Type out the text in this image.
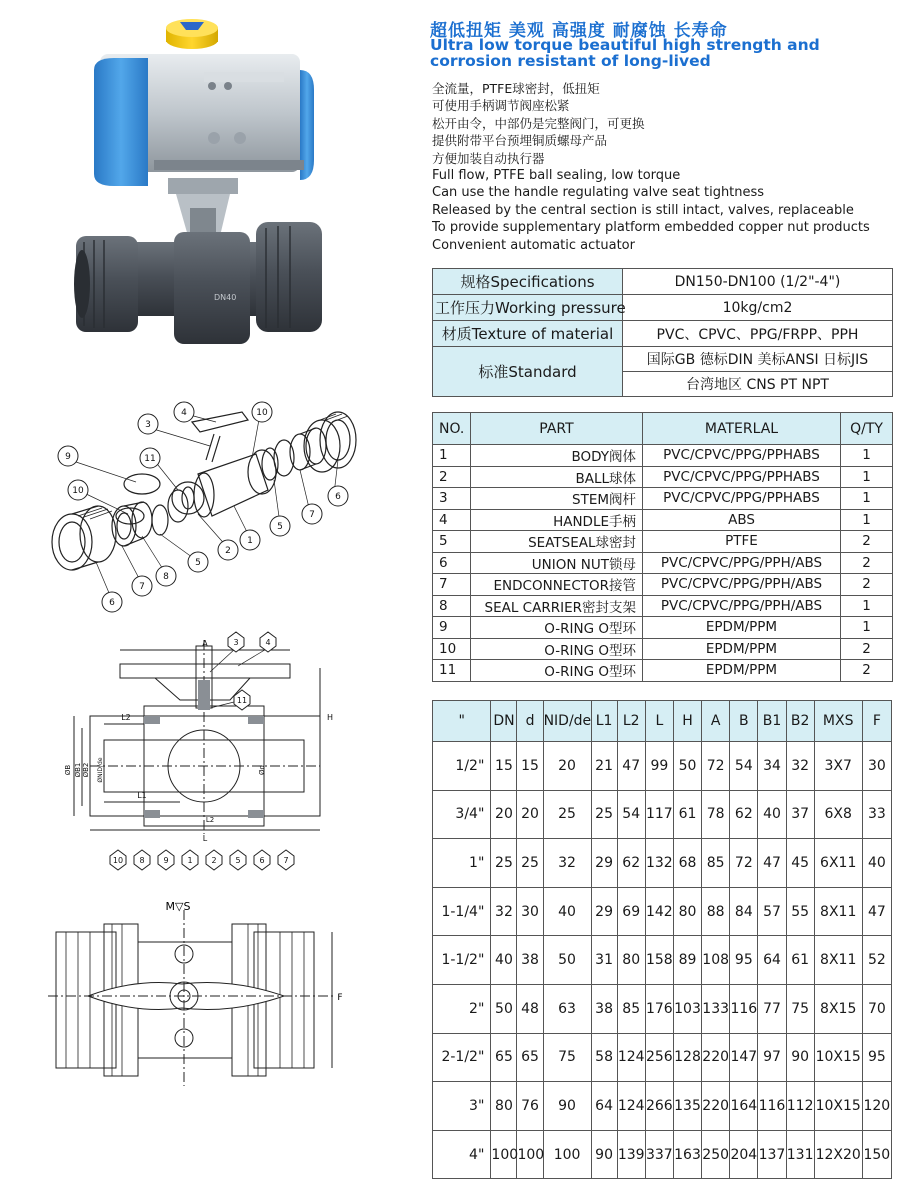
DN40
4
3
10
11
9
10
6
5
7
2
1
5
8
7
6
3	4
11
A
H
L2
L1
L
L2
ØB ØB1 ØB2	Ød
ØNID/de
10 8 9 1 2 5 6 7
M▽S
F
超低扭矩 美观 高强度 耐腐蚀 长寿命
Ultra low torque beautiful high strength and corrosion resistant of long-lived
全流量，PTFE球密封，低扭矩
可使用手柄调节阀座松紧
松开由令，中部仍是完整阀门，可更换
提供附带平台预埋铜质螺母产品
方便加装自动执行器
Full flow, PTFE ball sealing, low torque
Can use the handle regulating valve seat tightness
Released by the central section is still intact, valves, replaceable
To provide supplementary platform embedded copper nut products
Convenient automatic actuator
规格Specifications	DN150-DN100 (1/2"-4")
工作压力Working pressure	10kg/cm2
材质Texture of material	PVC、CPVC、PPG/FRPP、PPH
标准Standard	国际GB 德标DIN 美标ANSI 日标JIS
	台湾地区 CNS PT NPT
NO.	PART	MATERLAL	Q/TY
1	BODY阀体	PVC/CPVC/PPG/PPHABS	1
2	BALL球体	PVC/CPVC/PPG/PPHABS	1
3	STEM阀杆	PVC/CPVC/PPG/PPHABS	1
4	HANDLE手柄	ABS	1
5	SEATSEAL球密封	PTFE	2
6	UNION NUT锁母	PVC/CPVC/PPG/PPH/ABS	2
7	ENDCONNECTOR接管	PVC/CPVC/PPG/PPH/ABS	2
8	SEAL CARRIER密封支架	PVC/CPVC/PPG/PPH/ABS	1
9	O-RING O型环	EPDM/PPM	1
10	O-RING O型环	EPDM/PPM	2
11	O-RING O型环	EPDM/PPM	2
"	DN	d	NID/de	L1	L2	L	H	A	B	B1	B2	MXS	F
1/2"	15	15	20	21	47	99	50	72	54	34	32	3X7	30
3/4"	20	20	25	25	54	117	61	78	62	40	37	6X8	33
1"	25	25	32	29	62	132	68	85	72	47	45	6X11	40
1-1/4"	32	30	40	29	69	142	80	88	84	57	55	8X11	47
1-1/2"	40	38	50	31	80	158	89	108	95	64	61	8X11	52
2"	50	48	63	38	85	176	103	133	116	77	75	8X15	70
2-1/2"	65	65	75	58	124	256	128	220	147	97	90	10X15	95
3"	80	76	90	64	124	266	135	220	164	116	112	10X15	120
4"	100	100	100	90	139	337	163	250	204	137	131	12X20	150
